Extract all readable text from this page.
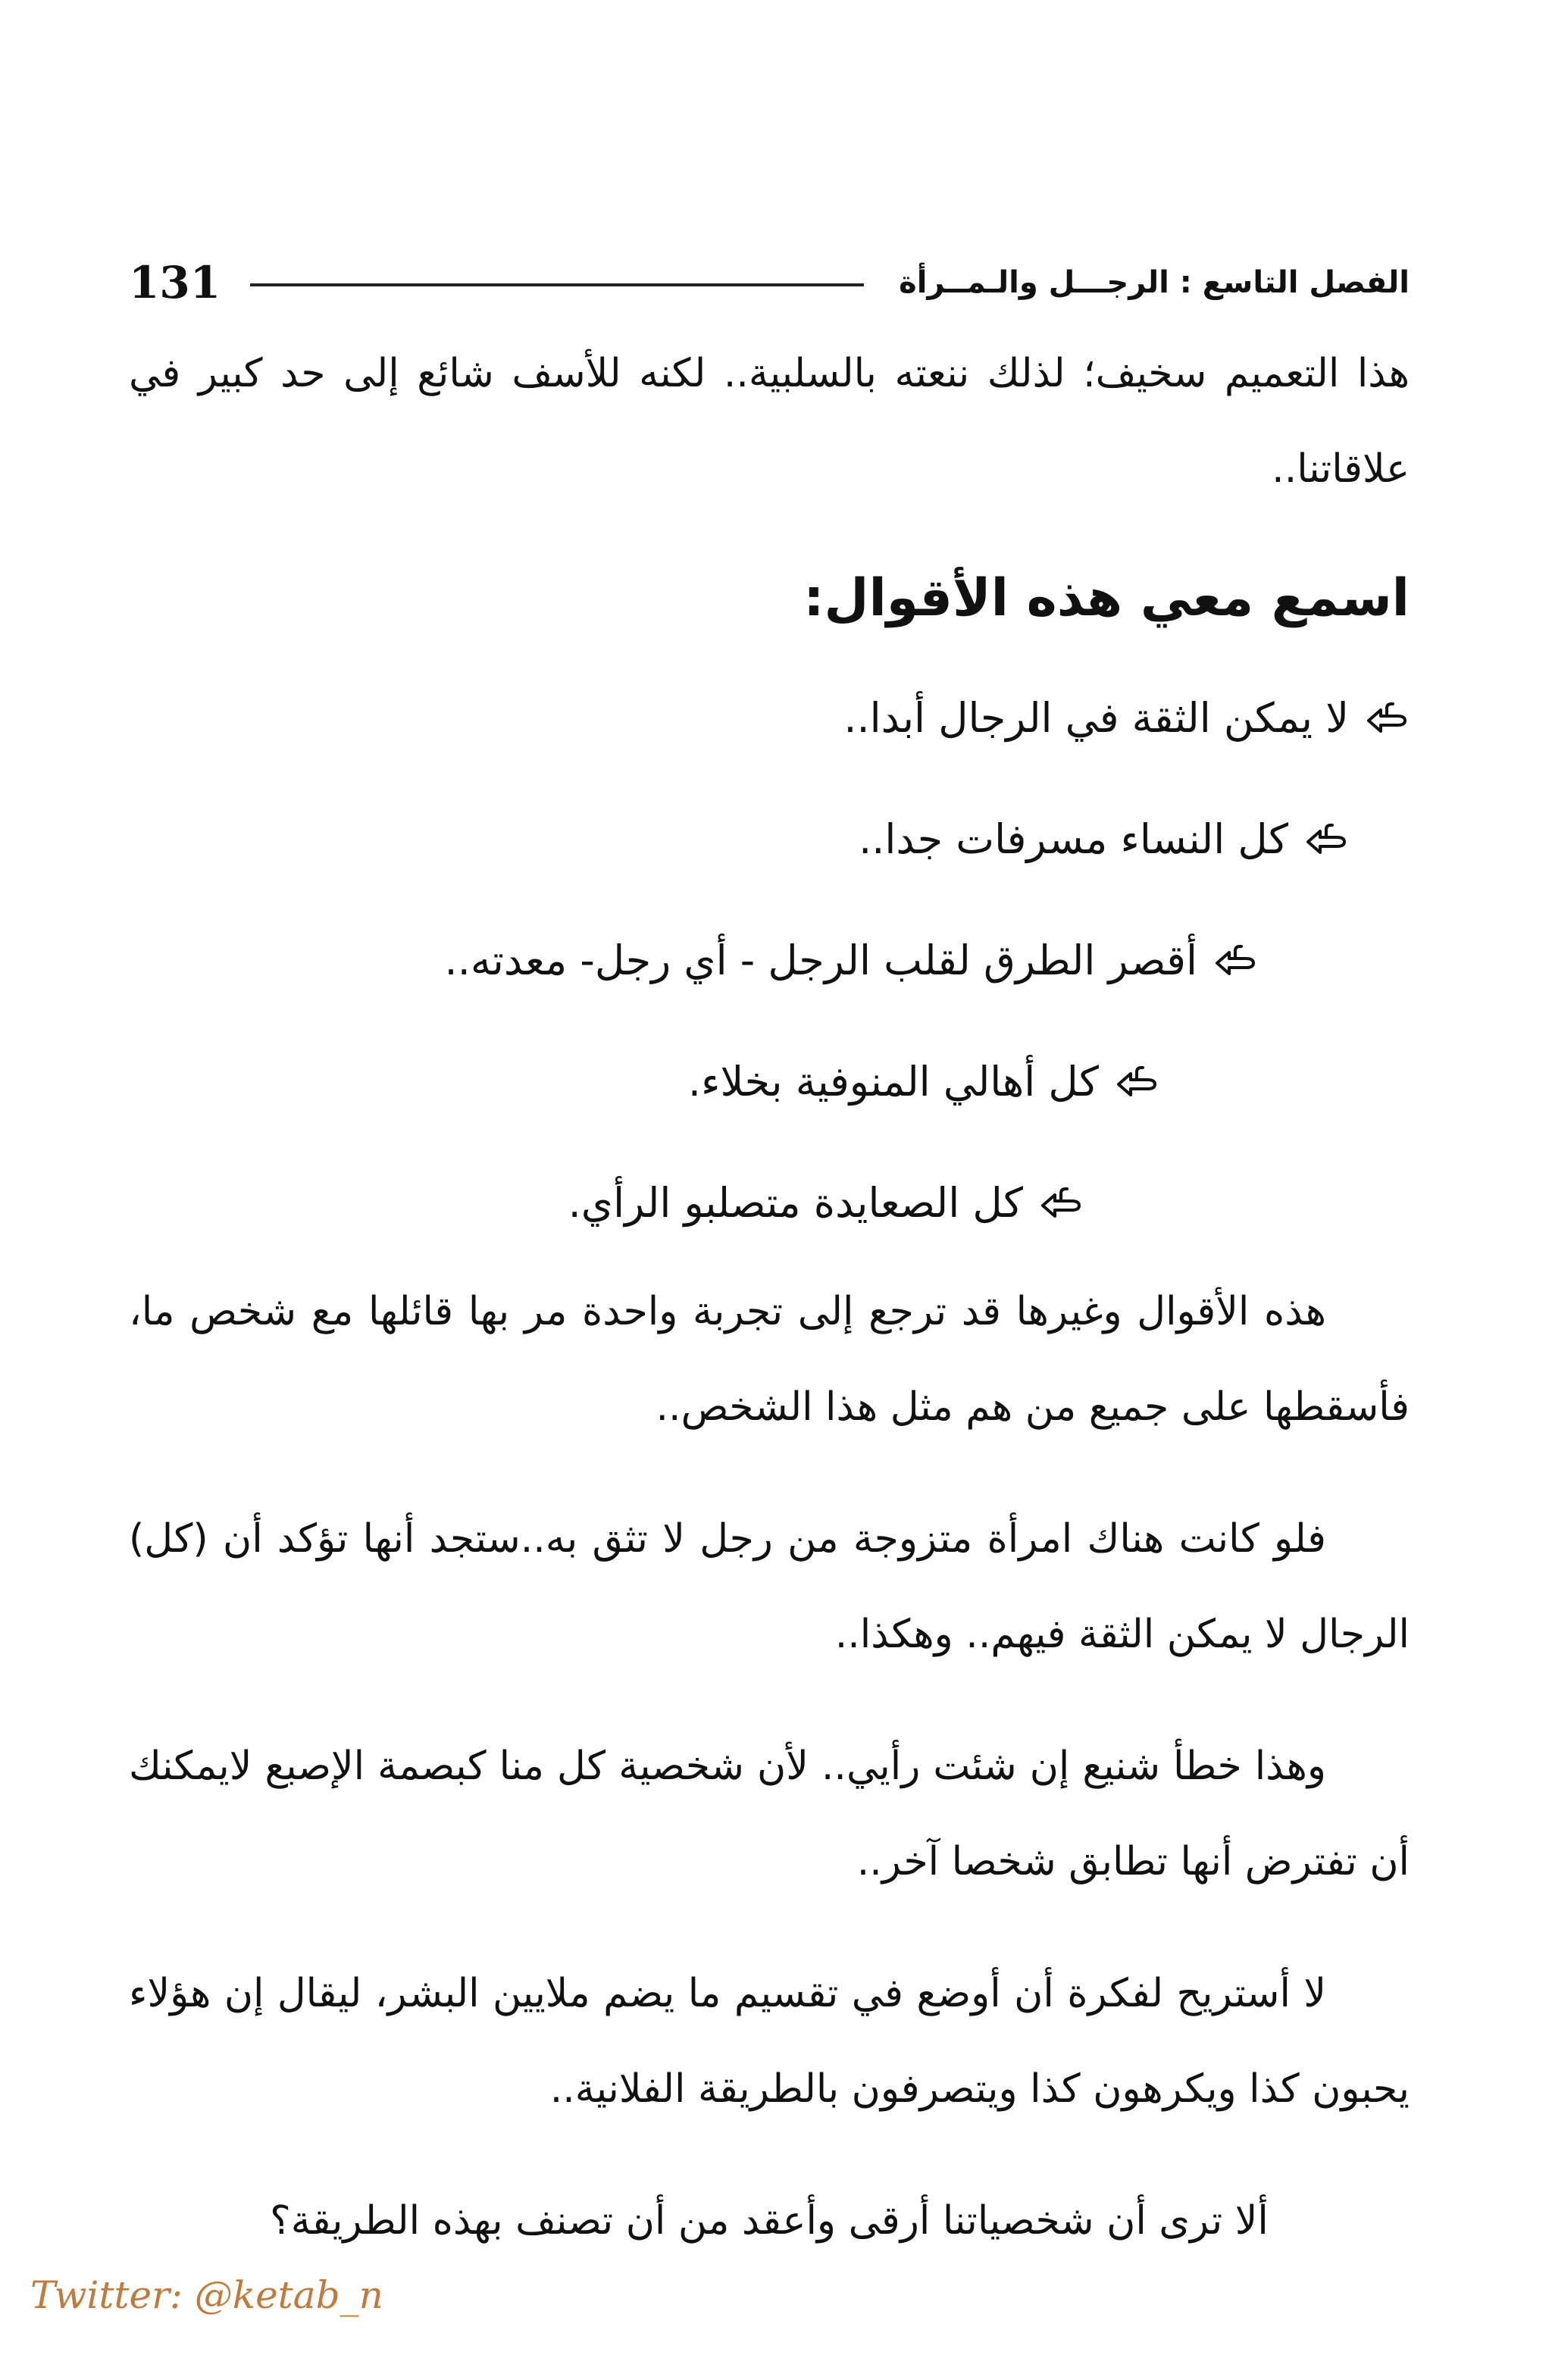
131	الفصل التاسع : الرجـــل والـمــرأة

هذا التعميم سخيف؛ لذلك ننعته بالسلبية.. لكنه للأسف شائع إلى حد كبير في علاقاتنا..

اسمع معي هذه الأقوال:
لا يمكن الثقة في الرجال أبدا..
كل النساء مسرفات جدا..
أقصر الطرق لقلب الرجل - أي رجل- معدته..
كل أهالي المنوفية بخلاء.
كل الصعايدة متصلبو الرأي.

هذه الأقوال وغيرها قد ترجع إلى تجربة واحدة مر بها قائلها مع شخص ما، فأسقطها على جميع من هم مثل هذا الشخص..

فلو كانت هناك امرأة متزوجة من رجل لا تثق به..ستجد أنها تؤكد أن (كل) الرجال لا يمكن الثقة فيهم.. وهكذا..

وهذا خطأ شنيع إن شئت رأيي.. لأن شخصية كل منا كبصمة الإصبع لايمكنك أن تفترض أنها تطابق شخصا آخر..

لا أستريح لفكرة أن أوضع في تقسيم ما يضم ملايين البشر، ليقال إن هؤلاء يحبون كذا ويكرهون كذا ويتصرفون بالطريقة الفلانية..

ألا ترى أن شخصياتنا أرقى وأعقد من أن تصنف بهذه الطريقة؟

Twitter: @ketab_n
